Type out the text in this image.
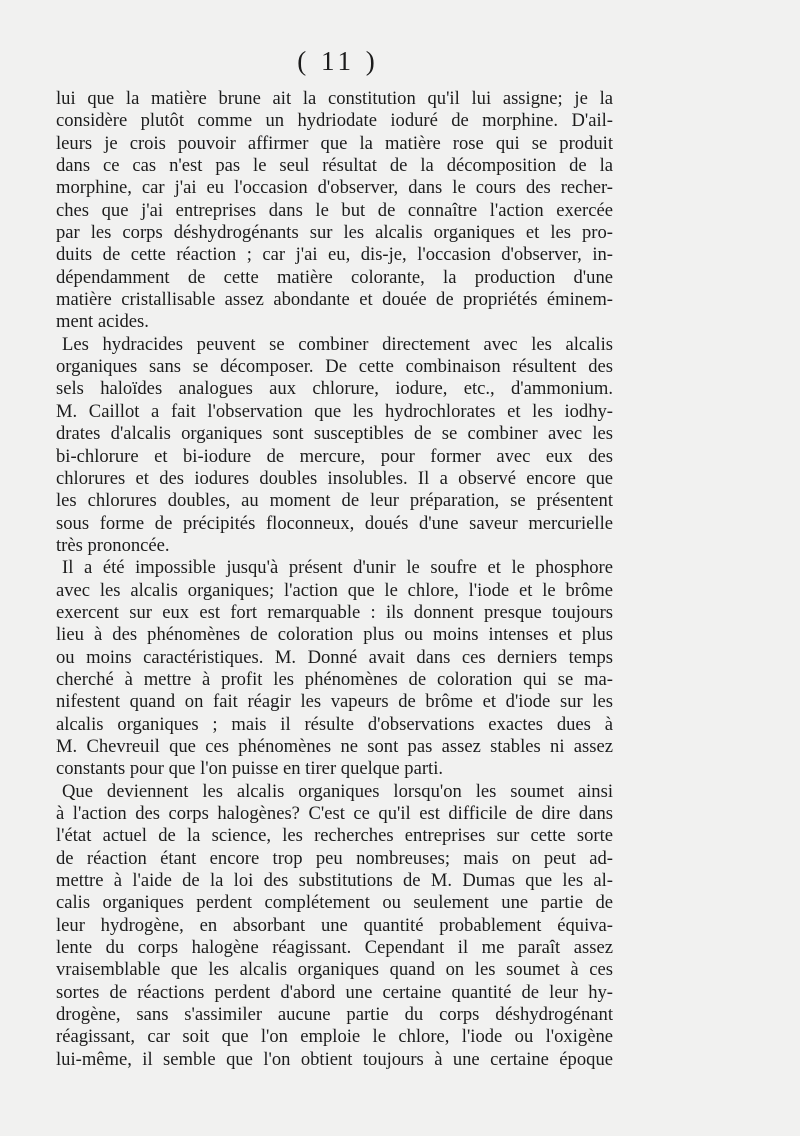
( 11 )
lui que la matière brune ait la constitution qu'il lui assigne; je la
considère plutôt comme un hydriodate ioduré de morphine. D'ail-
leurs je crois pouvoir affirmer que la matière rose qui se produit
dans ce cas n'est pas le seul résultat de la décomposition de la
morphine, car j'ai eu l'occasion d'observer, dans le cours des recher-
ches que j'ai entreprises dans le but de connaître l'action exercée
par les corps déshydrogénants sur les alcalis organiques et les pro-
duits de cette réaction ; car j'ai eu, dis-je, l'occasion d'observer, in-
dépendamment de cette matière colorante, la production d'une
matière cristallisable assez abondante et douée de propriétés éminem-
ment acides.
Les hydracides peuvent se combiner directement avec les alcalis
organiques sans se décomposer. De cette combinaison résultent des
sels haloïdes analogues aux chlorure, iodure, etc., d'ammonium.
M. Caillot a fait l'observation que les hydrochlorates et les iodhy-
drates d'alcalis organiques sont susceptibles de se combiner avec les
bi-chlorure et bi-iodure de mercure, pour former avec eux des
chlorures et des iodures doubles insolubles. Il a observé encore que
les chlorures doubles, au moment de leur préparation, se présentent
sous forme de précipités floconneux, doués d'une saveur mercurielle
très prononcée.
Il a été impossible jusqu'à présent d'unir le soufre et le phosphore
avec les alcalis organiques; l'action que le chlore, l'iode et le brôme
exercent sur eux est fort remarquable : ils donnent presque toujours
lieu à des phénomènes de coloration plus ou moins intenses et plus
ou moins caractéristiques. M. Donné avait dans ces derniers temps
cherché à mettre à profit les phénomènes de coloration qui se ma-
nifestent quand on fait réagir les vapeurs de brôme et d'iode sur les
alcalis organiques ; mais il résulte d'observations exactes dues à
M. Chevreuil que ces phénomènes ne sont pas assez stables ni assez
constants pour que l'on puisse en tirer quelque parti.
Que deviennent les alcalis organiques lorsqu'on les soumet ainsi
à l'action des corps halogènes? C'est ce qu'il est difficile de dire dans
l'état actuel de la science, les recherches entreprises sur cette sorte
de réaction étant encore trop peu nombreuses; mais on peut ad-
mettre à l'aide de la loi des substitutions de M. Dumas que les al-
calis organiques perdent complétement ou seulement une partie de
leur hydrogène, en absorbant une quantité probablement équiva-
lente du corps halogène réagissant. Cependant il me paraît assez
vraisemblable que les alcalis organiques quand on les soumet à ces
sortes de réactions perdent d'abord une certaine quantité de leur hy-
drogène, sans s'assimiler aucune partie du corps déshydrogénant
réagissant, car soit que l'on emploie le chlore, l'iode ou l'oxigène
lui-même, il semble que l'on obtient toujours à une certaine époque
